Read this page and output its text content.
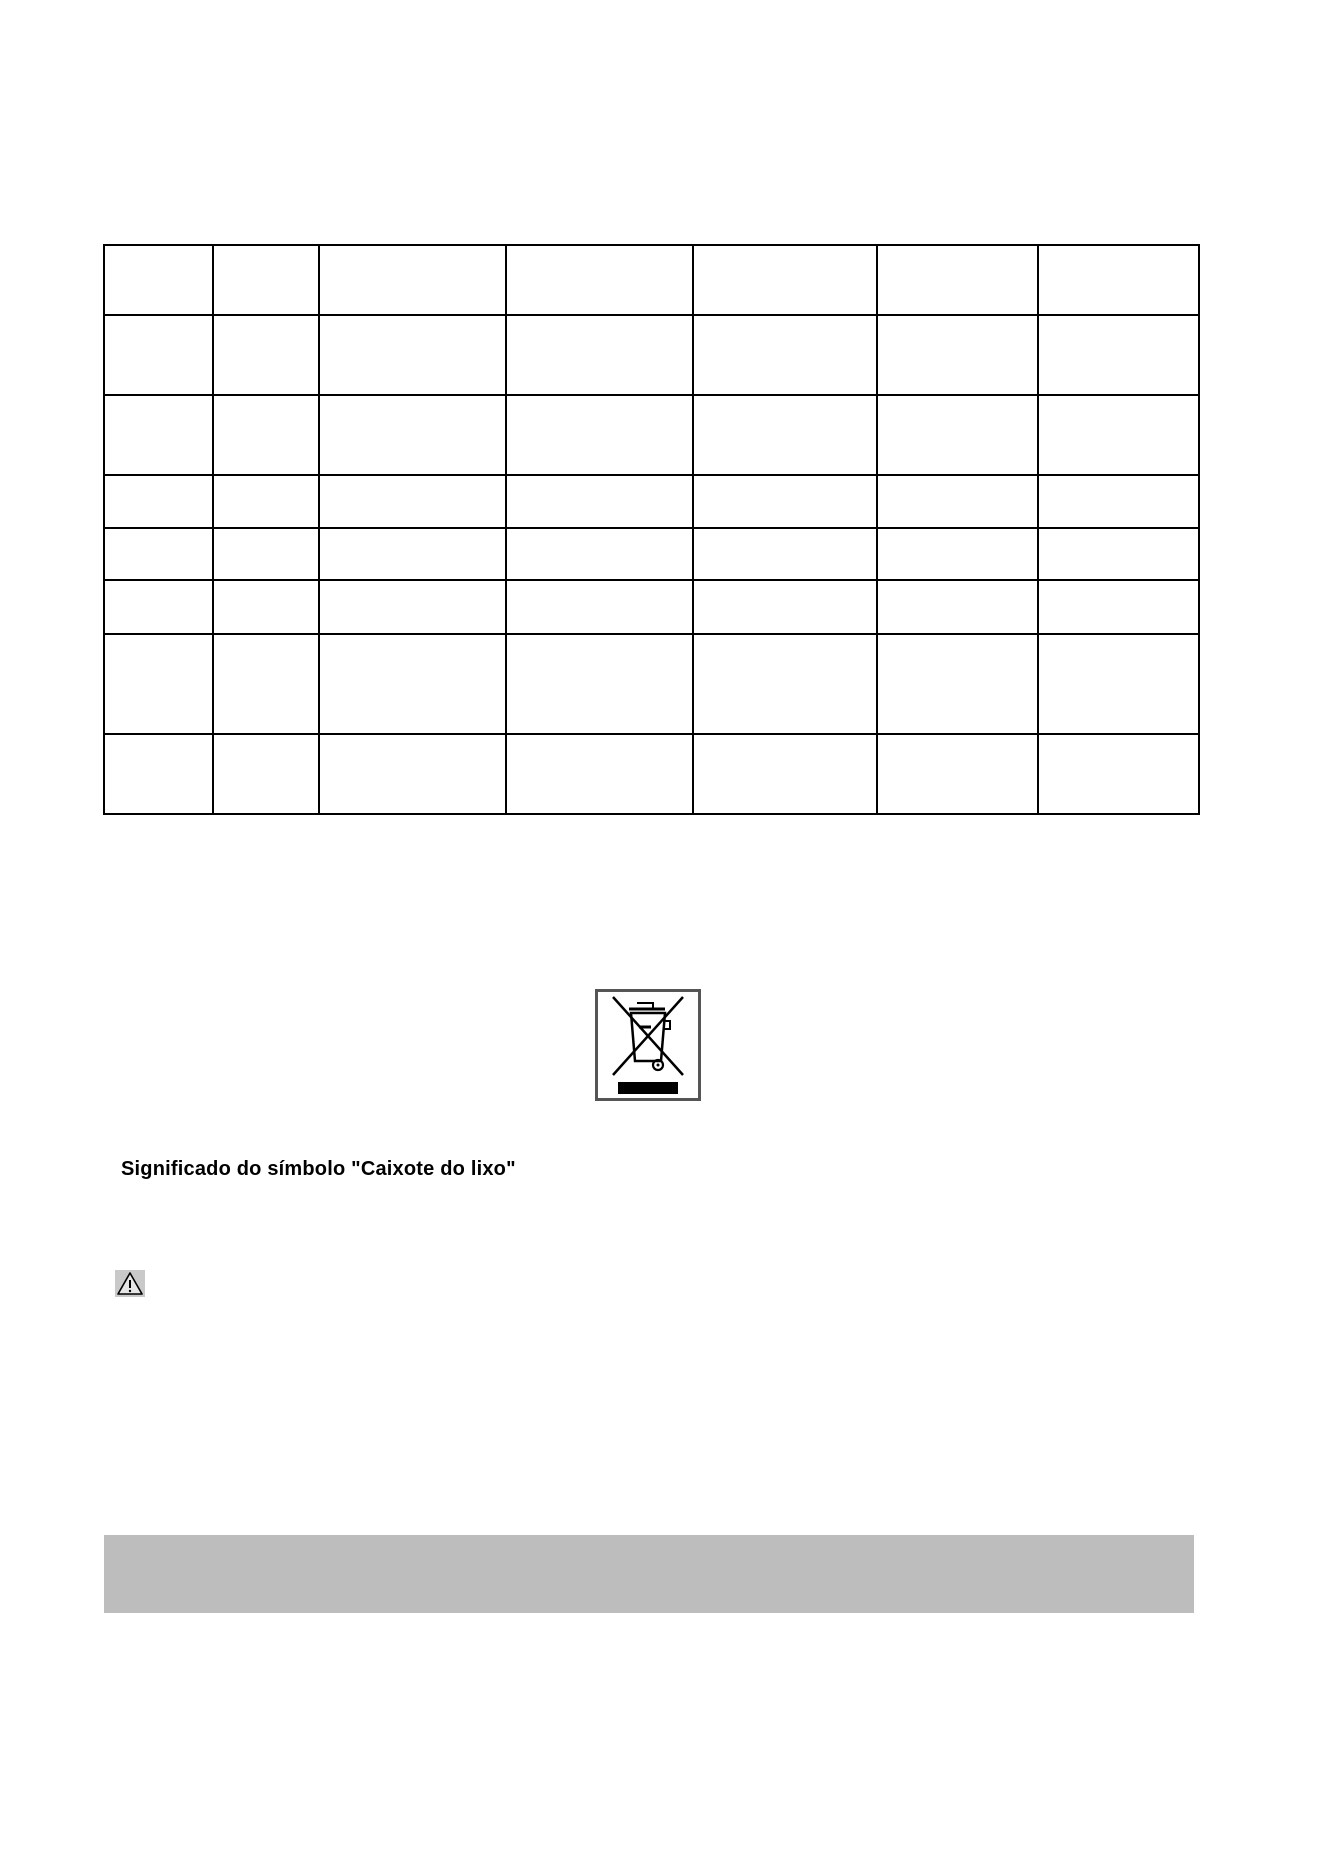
Significado do símbolo "Caixote do lixo"
